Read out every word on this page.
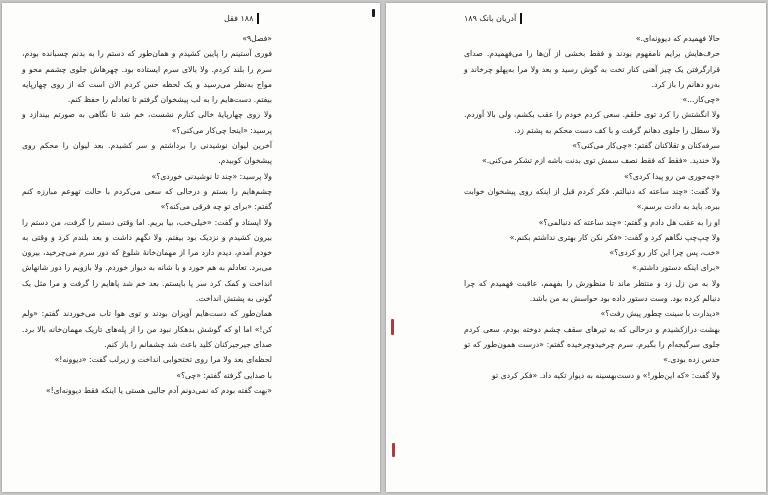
۱۸۸ فقل

«فصل۹»

فوری آستینم را پایین کشیدم و همان‌طور که دستم را به بدنم چسبانده بودم، سرم را بلند کردم. ولا بالای سرم ایستاده بود. چهرهاش جلوی چشمم محو و مواج به‌نظر می‌رسید و یک لحظه حس کردم الان است که از روی چهارپایه بیفتم. دست‌هایم را به لب پیشخوان گرفتم تا تعادلم را حفظ کنم.

ولا روی چهارپایهٔ خالی کنارم نشست، خم شد تا نگاهی به صورتم بیندازد و پرسید: «اینجا چی‌کار می‌کنی؟»

آخرین لیوان نوشیدنی را برداشتم و سر کشیدم. بعد لیوان را محکم روی پیشخوان کوبیدم.

ولا پرسید: «چند تا نوشیدنی خوردی؟»

چشم‌هایم را بستم و درحالی که سعی می‌کردم با حالت تهوعم مبارزه کنم گفتم: «برای تو چه فرقی می‌کنه؟»

ولا ایستاد و گفت: «خیلی‌خب، بیا بریم. اما وقتی دستم را گرفت، من دستم را بیرون کشیدم و نزدیک بود بیفتم. ولا نگهم داشت و بعد بلندم کرد و وقتی به خودم آمدم، دیدم دارد مرا از مهمان‌خانهٔ شلوغ که دور سرم می‌چرخید، بیرون می‌برد. تعادلم به هم خورد و با شانه به دیوار خوردم. ولا بازویم را دور شانهاش انداخت و کمک کرد سر پا بایستم. بعد خم شد پاهایم را گرفت و مرا مثل یک گونی به پشتش انداخت.

همان‌طور که دست‌هایم آویزان بودند و توی هوا تاب می‌خوردند گفتم: «ولم کن!» اما او که گوشش بدهکار نبود من را از پله‌های تاریک مهمان‌خانه بالا برد. صدای جیرجیرکنان کلید باعث شد چشمانم را باز کنم.

لحظه‌ای بعد ولا مرا روی تختخوابی انداخت و زیرلب گفت: «دیوونه!»

با صدایی گرفته گفتم: «چی؟»

«بهت گفته بودم که نمی‌دونم آدم جالبی هستی یا اینکه فقط دیوونه‌ای!»

آدریان بانک ۱۸۹

حالا فهمیدم که دیوونه‌ای.»

حرف‌هایش برایم نامفهوم بودند و فقط بخشی از آن‌ها را می‌فهمیدم. صدای قرارگرفتن یک چیز آهنی کنار تخت به گوش رسید و بعد ولا مرا به‌پهلو چرخاند و به‌رو دهانم را باز کرد.

«چی‌کار...»

ولا انگشتش را کرد توی حلقم. سعی کردم خودم را عقب بکشم، ولی بالا آوردم. ولا سطل را جلوی دهانم گرفت و با کف دست محکم به پشتم زد.

سرفه‌کنان و تقلاکنان گفتم: «چی‌کار می‌کنی؟»

ولا خندید. «فقط که فقط نصف سمش توی بدنت باشه ازم تشکر می‌کنی.»

«چه‌جوری من رو پیدا کردی؟»

ولا گفت: «چند ساعته که دنبالتم. فکر کردم قبل از اینکه روی پیشخوان خوابت ببره، باید به دادت برسم.»

او را به عقب هل دادم و گفتم: «چند ساعته که دنبالمی؟»

ولا چپ‌چپ نگاهم کرد و گفت: «فکر نکن کار بهتری نداشتم بکنم.»

«خب، پس چرا این کار رو کردی؟»

«برای اینکه دستور داشتم.»

ولا به من زل زد و منتظر ماند تا منظورش را بفهمم، عاقبت فهمیدم که چرا دنبالم کرده بود. وست دستور داده بود حواسش به من باشد.

«دیدارت با سینت چطور پیش رفت؟»

بهشت درازکشیدم و درحالی که به تیرهای سقف چشم دوخته بودم، سعی کردم جلوی سرگیجه‌ام را بگیرم. سرم چرخیدوچرخیده گفتم: «درست همون‌طور که تو حدس زده بودی.»

ولا گفت: «که این‌طور!» و دست‌بهسینه به دیوار تکیه داد. «فکر کردی تو
